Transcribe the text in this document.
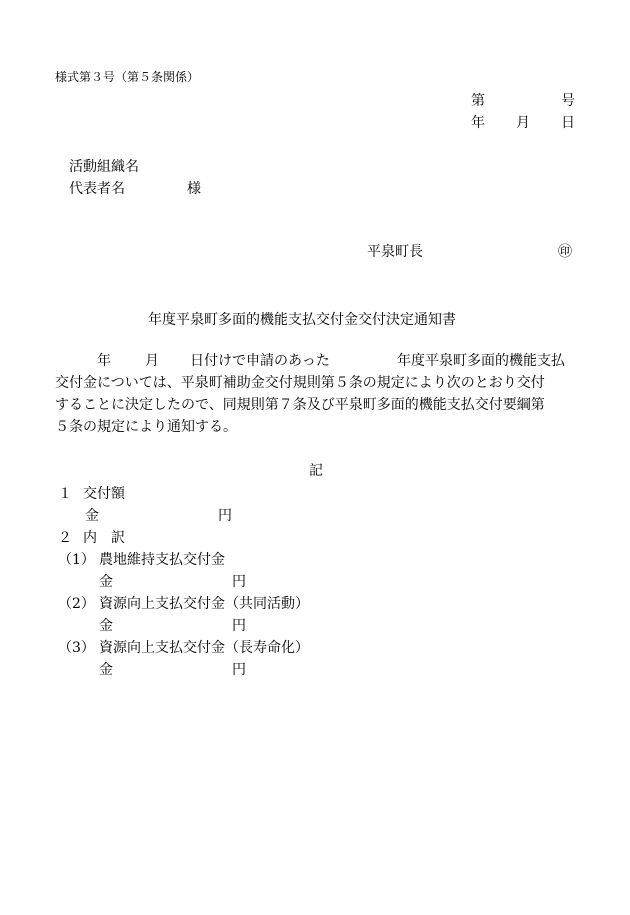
様式第３号（第５条関係）
第	号
年 月 日
活動組織名
代表者名	様
平泉町長	㊞
年度平泉町多面的機能支払交付金交付決定通知書
年 月 日付けで申請のあった	年度平泉町多面的機能支払
交付金については、平泉町補助金交付規則第５条の規定により次のとおり交付
することに決定したので、同規則第７条及び平泉町多面的機能支払交付要綱第
５条の規定により通知する。
記
１ 交付額
金	円
２ 内　訳
（1） 農地維持支払交付金
金	円
（2） 資源向上支払交付金（共同活動）
金	円
（3） 資源向上支払交付金（長寿命化）
金	円
